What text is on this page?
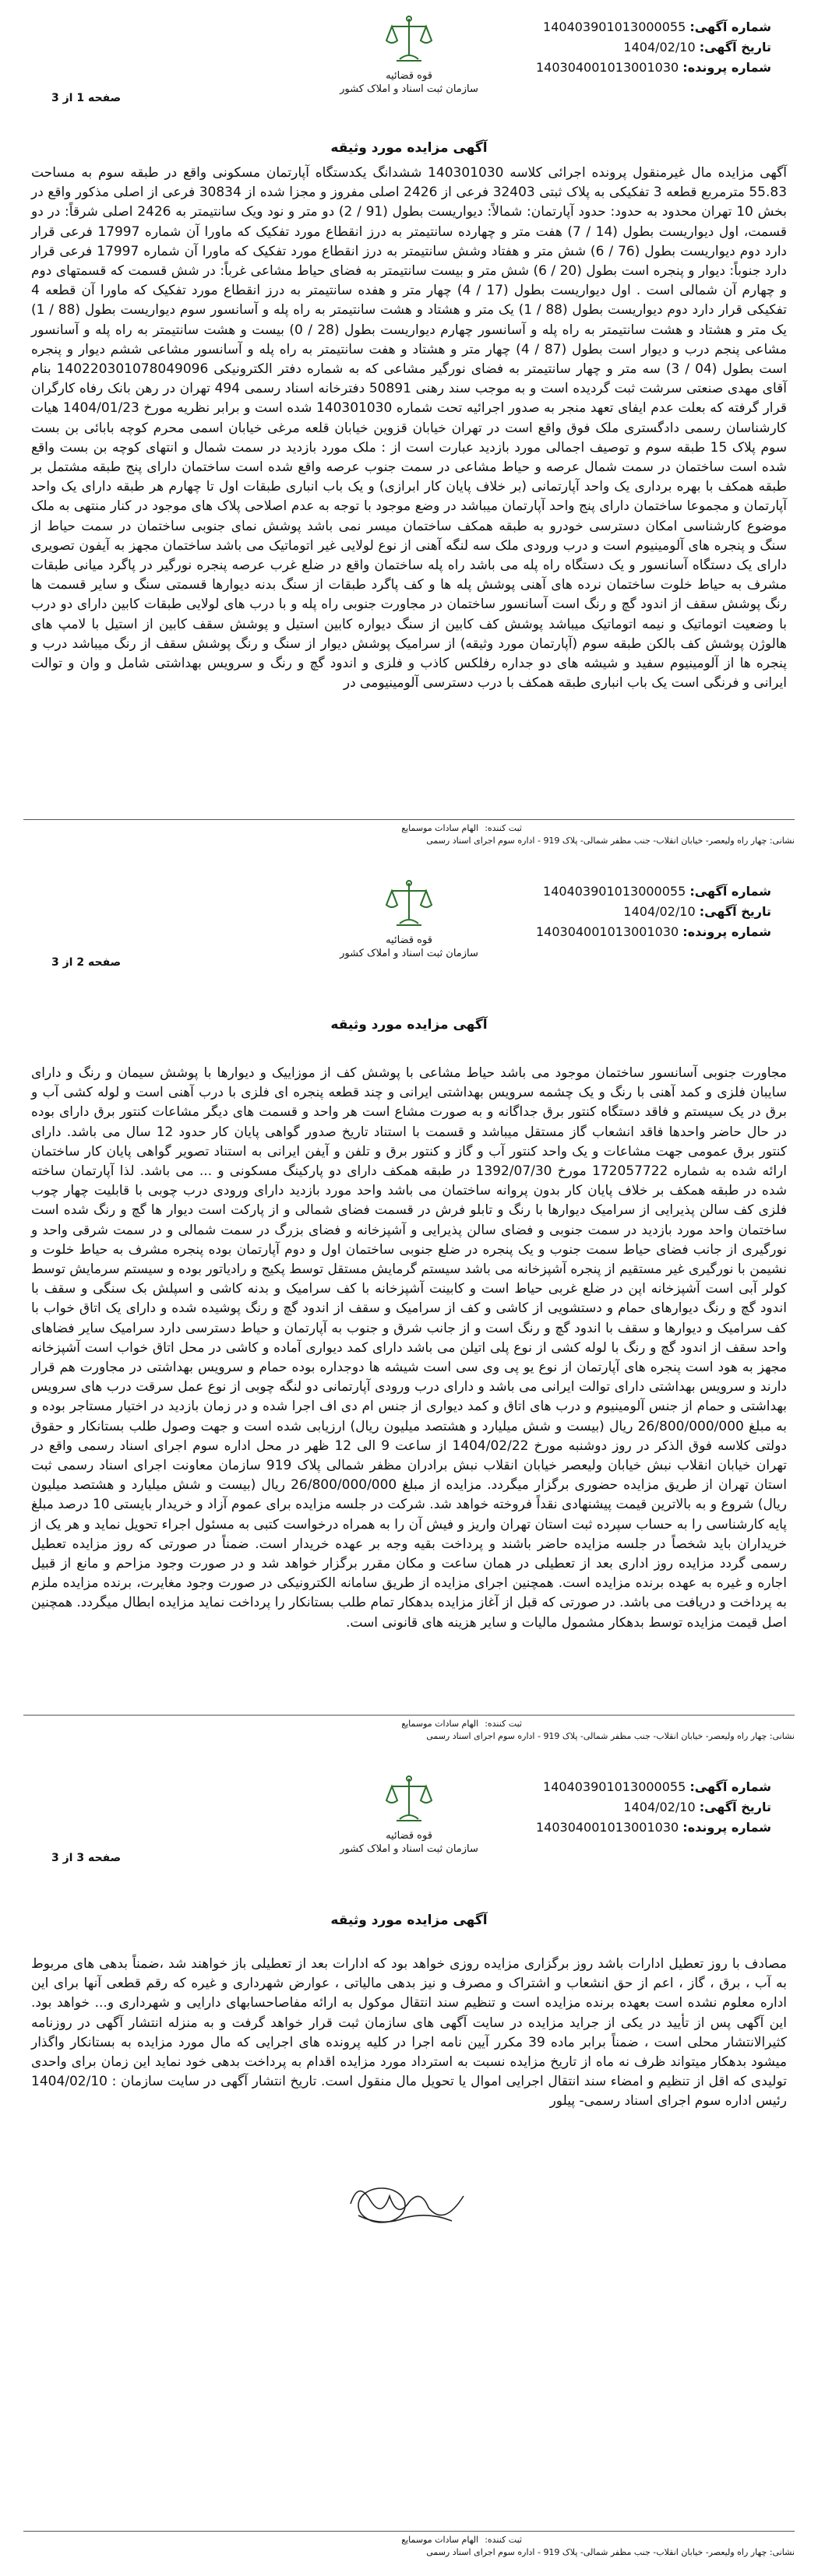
شماره آگهی: 140403901013000055
تاریخ آگهی: 1404/02/10
شماره پرونده: 140304001013001030
قوه قضائیه
سازمان ثبت اسناد و املاک کشور
صفحه 1 از 3
آگهی مزایده مورد وثیقه
آگهی مزایده مال غیرمنقول پرونده اجرائی کلاسه 140301030 ششدانگ یکدستگاه آپارتمان مسکونی واقع در طبقه سوم به مساحت 55.83 مترمربع قطعه 3 تفکیکی به پلاک ثبتی 32403 فرعی از 2426 اصلی مفروز و مجزا شده از 30834 فرعی از اصلی مذکور واقع در بخش 10 تهران محدود به حدود: حدود آپارتمان: شمالاً: دیواریست بطول (91 / 2) دو متر و نود ویک سانتیمتر به 2426 اصلی شرقاً: در دو قسمت، اول دیواریست بطول (14 / 7) هفت متر و چهارده سانتیمتر به درز انقطاع مورد تفکیک که ماورا آن شماره 17997 فرعی قرار دارد دوم دیواریست بطول (76 / 6) شش متر و هفتاد وشش سانتیمتر به درز انقطاع مورد تفکیک که ماورا آن شماره 17997 فرعی قرار دارد جنوباً: دیوار و پنجره است بطول (20 / 6) شش متر و بیست سانتیمتر به فضای حیاط مشاعی غرباً: در شش قسمت که قسمتهای دوم و چهارم آن شمالی است . اول دیواریست بطول (17 / 4) چهار متر و هفده سانتیمتر به درز انقطاع مورد تفکیک که ماورا آن قطعه 4 تفکیکی قرار دارد دوم دیواریست بطول (88 / 1) یک متر و هشتاد و هشت سانتیمتر به راه پله و آسانسور سوم دیواریست بطول (88 / 1) یک متر و هشتاد و هشت سانتیمتر به راه پله و آسانسور چهارم دیواریست بطول (28 / 0) بیست و هشت سانتیمتر به راه پله و آسانسور مشاعی پنجم درب و دیوار است بطول (87 / 4) چهار متر و هشتاد و هفت سانتیمتر به راه پله و آسانسور مشاعی ششم دیوار و پنجره است بطول (04 / 3) سه متر و چهار سانتیمتر به فضای نورگیر مشاعی که به شماره دفتر الکترونیکی 140220301078049096 بنام آقای مهدی صنعتی سرشت ثبت گردیده است و به موجب سند رهنی 50891 دفترخانه اسناد رسمی 494 تهران در رهن بانک رفاه کارگران قرار گرفته که بعلت عدم ایفای تعهد منجر به صدور اجرائیه تحت شماره 140301030 شده است و برابر نظریه مورخ 1404/01/23 هیات کارشناسان رسمی دادگستری ملک فوق واقع است در تهران خیابان قزوین خیابان قلعه مرغی خیابان اسمی محرم کوچه بابائی بن بست سوم پلاک 15 طبقه سوم و توصیف اجمالی مورد بازدید عبارت است از : ملک مورد بازدید در سمت شمال و انتهای کوچه بن بست واقع شده است ساختمان در سمت شمال عرصه و حیاط مشاعی در سمت جنوب عرصه واقع شده است ساختمان دارای پنج طبقه مشتمل بر طبقه همکف با بهره برداری یک واحد آپارتمانی (بر خلاف پایان کار ابرازی) و یک باب انباری طبقات اول تا چهارم هر طبقه دارای یک واحد آپارتمان و مجموعا ساختمان دارای پنج واحد آپارتمان میباشد در وضع موجود با توجه به عدم اصلاحی پلاک های موجود در کنار منتهی به ملک موضوع کارشناسی امکان دسترسی خودرو به طبقه همکف ساختمان میسر نمی باشد پوشش نمای جنوبی ساختمان در سمت حیاط از سنگ و پنجره های آلومینیوم است و درب ورودی ملک سه لنگه آهنی از نوع لولایی غیر اتوماتیک می باشد ساختمان مجهز به آیفون تصویری دارای یک دستگاه آسانسور و یک دستگاه راه پله می باشد راه پله ساختمان واقع در ضلع غرب عرصه پنجره نورگیر در پاگرد میانی طبقات مشرف به حیاط خلوت ساختمان نرده های آهنی پوشش پله ها و کف پاگرد طبقات از سنگ بدنه دیوارها قسمتی سنگ و سایر قسمت ها رنگ پوشش سقف از اندود گچ و رنگ است آسانسور ساختمان در مجاورت جنوبی راه پله و با درب های لولایی طبقات کابین دارای دو درب با وضعیت اتوماتیک و نیمه اتوماتیک میباشد پوشش کف کابین از سنگ دیواره کابین استیل و پوشش سقف کابین از استیل با لامپ های هالوژن پوشش کف بالکن طبقه سوم (آپارتمان مورد وثیقه) از سرامیک پوشش دیوار از سنگ و رنگ پوشش سقف از رنگ میباشد درب و پنجره ها از آلومینیوم سفید و شیشه های دو جداره رفلکس کاذب و فلزی و اندود گچ و رنگ و سرویس بهداشتی شامل و وان و توالت ایرانی و فرنگی است یک باب انباری طبقه همکف با درب دسترسی آلومینیومی در
ثبت کننده:
الهام سادات موسمایع
نشانی: چهار راه ولیعصر- خیابان انقلاب- جنب مظفر شمالی- پلاک 919 - اداره سوم اجرای اسناد رسمی
شماره آگهی: 140403901013000055
تاریخ آگهی: 1404/02/10
شماره پرونده: 140304001013001030
قوه قضائیه
سازمان ثبت اسناد و املاک کشور
صفحه 2 از 3
آگهی مزایده مورد وثیقه
مجاورت جنوبی آسانسور ساختمان موجود می باشد حیاط مشاعی با پوشش کف از موزاییک و دیوارها با پوشش سیمان و رنگ و دارای سایبان فلزی و کمد آهنی با رنگ و یک چشمه سرویس بهداشتی ایرانی و چند قطعه پنجره ای فلزی با درب آهنی است و لوله کشی آب و برق در یک سیستم و فاقد دستگاه کنتور برق جداگانه و به صورت مشاع است هر واحد و قسمت های دیگر مشاعات کنتور برق دارای بوده در حال حاضر واحدها فاقد انشعاب گاز مستقل میباشد و قسمت با استناد تاریخ صدور گواهی پایان کار حدود 12 سال می باشد. دارای کنتور برق عمومی جهت مشاعات و یک واحد کنتور آب و گاز و کنتور برق و تلفن و آیفن ایرانی به استناد تصویر گواهی پایان کار ساختمان ارائه شده به شماره 172057722 مورخ 1392/07/30 در طبقه همکف دارای دو پارکینگ مسکونی و ... می باشد. لذا آپارتمان ساخته شده در طبقه همکف بر خلاف پایان کار بدون پروانه ساختمان می باشد واحد مورد بازدید دارای ورودی درب چوبی با قابلیت چهار چوب فلزی کف سالن پذیرایی از سرامیک دیوارها با رنگ و تابلو فرش در قسمت فضای شمالی و از پارکت است دیوار ها گچ و رنگ شده است ساختمان واحد مورد بازدید در سمت جنوبی و فضای سالن پذیرایی و آشپزخانه و فضای بزرگ در سمت شمالی و در سمت شرقی واحد و نورگیری از جانب فضای حیاط سمت جنوب و یک پنجره در ضلع جنوبی ساختمان اول و دوم آپارتمان بوده پنجره مشرف به حیاط خلوت و نشیمن با نورگیری غیر مستقیم از پنجره آشپزخانه می باشد سیستم گرمایش مستقل توسط پکیج و رادیاتور بوده و سیستم سرمایش توسط کولر آبی است آشپزخانه اپن در ضلع غربی حیاط است و کابینت آشپزخانه با کف سرامیک و بدنه کاشی و اسپلش بک سنگی و سقف با اندود گچ و رنگ دیوارهای حمام و دستشویی از کاشی و کف از سرامیک و سقف از اندود گچ و رنگ پوشیده شده و دارای یک اتاق خواب با کف سرامیک و دیوارها و سقف با اندود گچ و رنگ است و از جانب شرق و جنوب به آپارتمان و حیاط دسترسی دارد سرامیک سایر فضاهای واحد سقف از اندود گچ و رنگ با لوله کشی از نوع پلی اتیلن می باشد دارای کمد دیواری آماده و کاشی در محل اتاق خواب است آشپزخانه مجهز به هود است پنجره های آپارتمان از نوع یو پی وی سی است شیشه ها دوجداره بوده حمام و سرویس بهداشتی در مجاورت هم قرار دارند و سرویس بهداشتی دارای توالت ایرانی می باشد و دارای درب ورودی آپارتمانی دو لنگه چوبی از نوع عمل سرقت درب های سرویس بهداشتی و حمام از جنس آلومینیوم و درب های اتاق و کمد دیواری از جنس ام دی اف اجرا شده و در زمان بازدید در اختیار مستاجر بوده و به مبلغ 26/800/000/000 ریال (بیست و شش میلیارد و هشتصد میلیون ریال) ارزیابی شده است و جهت وصول طلب بستانکار و حقوق دولتی کلاسه فوق الذکر در روز دوشنبه مورخ 1404/02/22 از ساعت 9 الی 12 ظهر در محل اداره سوم اجرای اسناد رسمی واقع در تهران خیابان انقلاب نبش خیابان ولیعصر خیابان انقلاب نبش برادران مظفر شمالی پلاک 919 سازمان معاونت اجرای اسناد رسمی ثبت استان تهران از طریق مزایده حضوری برگزار میگردد. مزایده از مبلغ 26/800/000/000 ریال (بیست و شش میلیارد و هشتصد میلیون ریال) شروع و به بالاترین قیمت پیشنهادی نقداً فروخته خواهد شد. شرکت در جلسه مزایده برای عموم آزاد و خریدار بایستی 10 درصد مبلغ پایه کارشناسی را به حساب سپرده ثبت استان تهران واریز و فیش آن را به همراه درخواست کتبی به مسئول اجراء تحویل نماید و هر یک از خریداران باید شخصاً در جلسه مزایده حاضر باشند و پرداخت بقیه وجه بر عهده خریدار است. ضمناً در صورتی که روز مزایده تعطیل رسمی گردد مزایده روز اداری بعد از تعطیلی در همان ساعت و مکان مقرر برگزار خواهد شد و در صورت وجود مزاحم و مانع از قبیل اجاره و غیره به عهده برنده مزایده است. همچنین اجرای مزایده از طریق سامانه الکترونیکی در صورت وجود مغایرت، برنده مزایده ملزم به پرداخت و دریافت می باشد. در صورتی که قبل از آغاز مزایده بدهکار تمام طلب بستانکار را پرداخت نماید مزایده ابطال میگردد. همچنین اصل قیمت مزایده توسط بدهکار مشمول مالیات و سایر هزینه های قانونی است.
ثبت کننده:
الهام سادات موسمایع
نشانی: چهار راه ولیعصر- خیابان انقلاب- جنب مظفر شمالی- پلاک 919 - اداره سوم اجرای اسناد رسمی
شماره آگهی: 140403901013000055
تاریخ آگهی: 1404/02/10
شماره پرونده: 140304001013001030
قوه قضائیه
سازمان ثبت اسناد و املاک کشور
صفحه 3 از 3
آگهی مزایده مورد وثیقه
مصادف با روز تعطیل ادارات باشد روز برگزاری مزایده روزی خواهد بود که ادارات بعد از تعطیلی باز خواهند شد ،ضمناً بدهی های مربوط به آب ، برق ، گاز ، اعم از حق انشعاب و اشتراک و مصرف و نیز بدهی مالیاتی ، عوارض شهرداری و غیره که رقم قطعی آنها برای این اداره معلوم نشده است بعهده برنده مزایده است و تنظیم سند انتقال موکول به ارائه مفاصاحسابهای دارایی و شهرداری و... خواهد بود. این آگهی پس از تأیید در یکی از جراید مزایده در سایت آگهی های سازمان ثبت قرار خواهد گرفت و به منزله انتشار آگهی در روزنامه کثیرالانتشار محلی است ، ضمناً برابر ماده 39 مکرر آیین نامه اجرا در کلیه پرونده های اجرایی که مال مورد مزایده به بستانکار واگذار میشود بدهکار میتواند ظرف نه ماه از تاریخ مزایده نسبت به استرداد مورد مزایده اقدام به پرداخت بدهی خود نماید این زمان برای واحدی تولیدی که اقل از تنظیم و امضاء سند انتقال اجرایی اموال یا تحویل مال منقول است. تاریخ انتشار آگهی در سایت سازمان : 1404/02/10 رئیس اداره سوم اجرای اسناد رسمی- پیلور
ثبت کننده:
الهام سادات موسمایع
نشانی: چهار راه ولیعصر- خیابان انقلاب- جنب مظفر شمالی- پلاک 919 - اداره سوم اجرای اسناد رسمی
